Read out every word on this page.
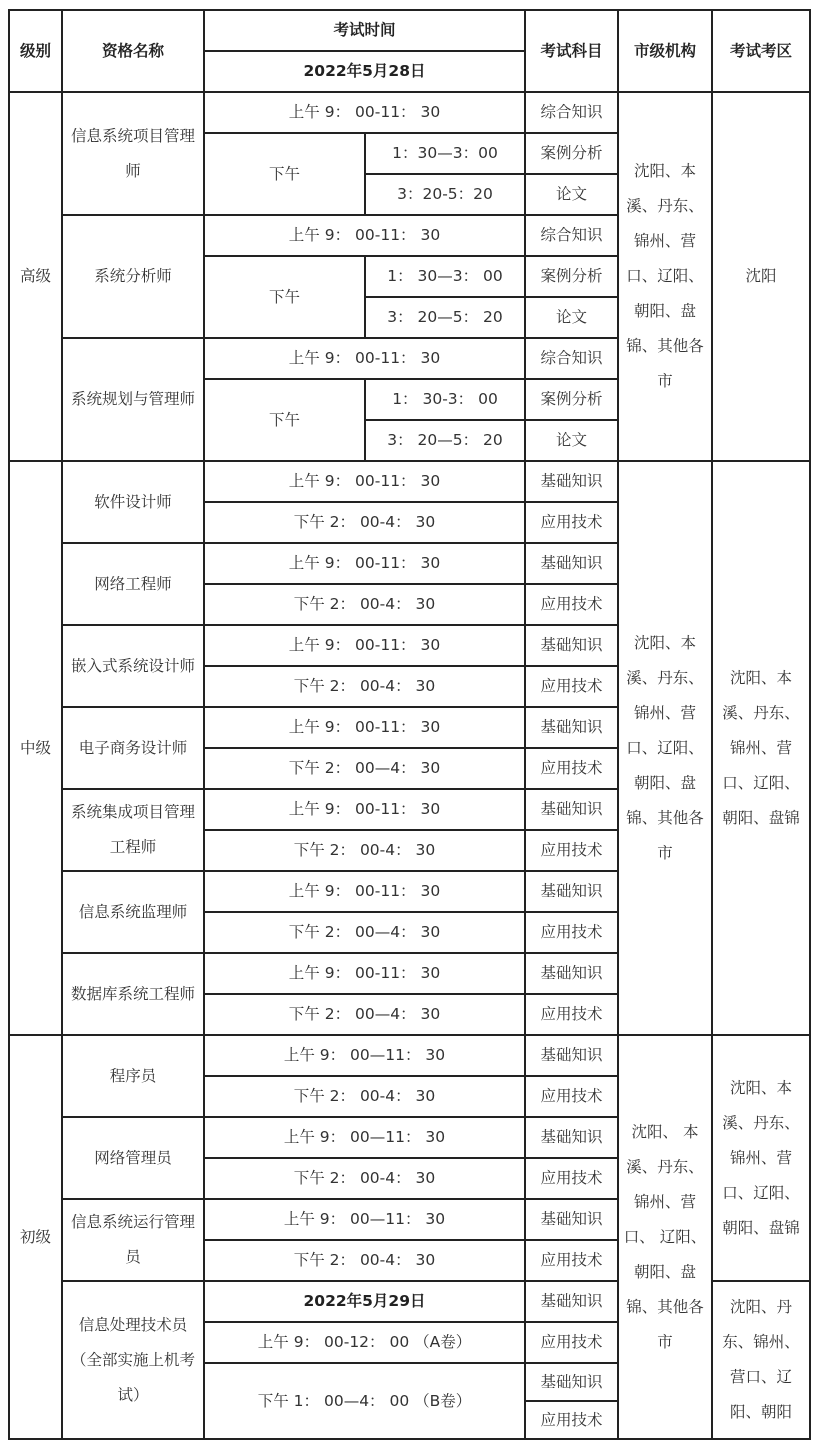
级别	资格名称	考试时间		考试科目	市级机构	考试考区
		2022年5月28日				
高级	信息系统项目管理师	上午 9： 00-11： 30		综合知识	沈阳、本溪、丹东、锦州、营口、辽阳、朝阳、盘锦、其他各市	沈阳
		下午	1：30—3：00	案例分析		
			3：20-5：20	论文		
	系统分析师	上午 9： 00-11： 30		综合知识		
		下午	1： 30—3： 00	案例分析		
			3： 20—5： 20	论文		
	系统规划与管理师	上午 9： 00-11： 30		综合知识		
		下午	1： 30-3： 00	案例分析		
			3： 20—5： 20	论文		
中级	软件设计师	上午 9： 00-11： 30		基础知识	沈阳、本溪、丹东、锦州、营口、辽阳、朝阳、盘锦、其他各市	沈阳、本溪、丹东、锦州、营口、辽阳、朝阳、盘锦
		下午 2： 00-4： 30		应用技术		
	网络工程师	上午 9： 00-11： 30		基础知识		
		下午 2： 00-4： 30		应用技术		
	嵌入式系统设计师	上午 9： 00-11： 30		基础知识		
		下午 2： 00-4： 30		应用技术		
	电子商务设计师	上午 9： 00-11： 30		基础知识		
		下午 2： 00—4： 30		应用技术		
	系统集成项目管理工程师	上午 9： 00-11： 30		基础知识		
		下午 2： 00-4： 30		应用技术		
	信息系统监理师	上午 9： 00-11： 30		基础知识		
		下午 2： 00—4： 30		应用技术		
	数据库系统工程师	上午 9： 00-11： 30		基础知识		
		下午 2： 00—4： 30		应用技术		
初级	程序员	上午 9： 00—11： 30		基础知识	沈阳、 本溪、丹东、锦州、营口、 辽阳、朝阳、盘锦、其他各市	沈阳、本溪、丹东、锦州、营口、辽阳、朝阳、盘锦
		下午 2： 00-4： 30		应用技术		
	网络管理员	上午 9： 00—11： 30		基础知识		
		下午 2： 00-4： 30		应用技术		
	信息系统运行管理员	上午 9： 00—11： 30		基础知识		
		下午 2： 00-4： 30		应用技术		
	信息处理技术员（全部实施上机考试）	2022年5月29日		基础知识		沈阳、丹东、锦州、营口、辽阳、朝阳
		上午 9： 00-12： 00 （A卷）		应用技术		
		下午 1： 00—4： 00 （B卷）		基础知识		
				应用技术		
